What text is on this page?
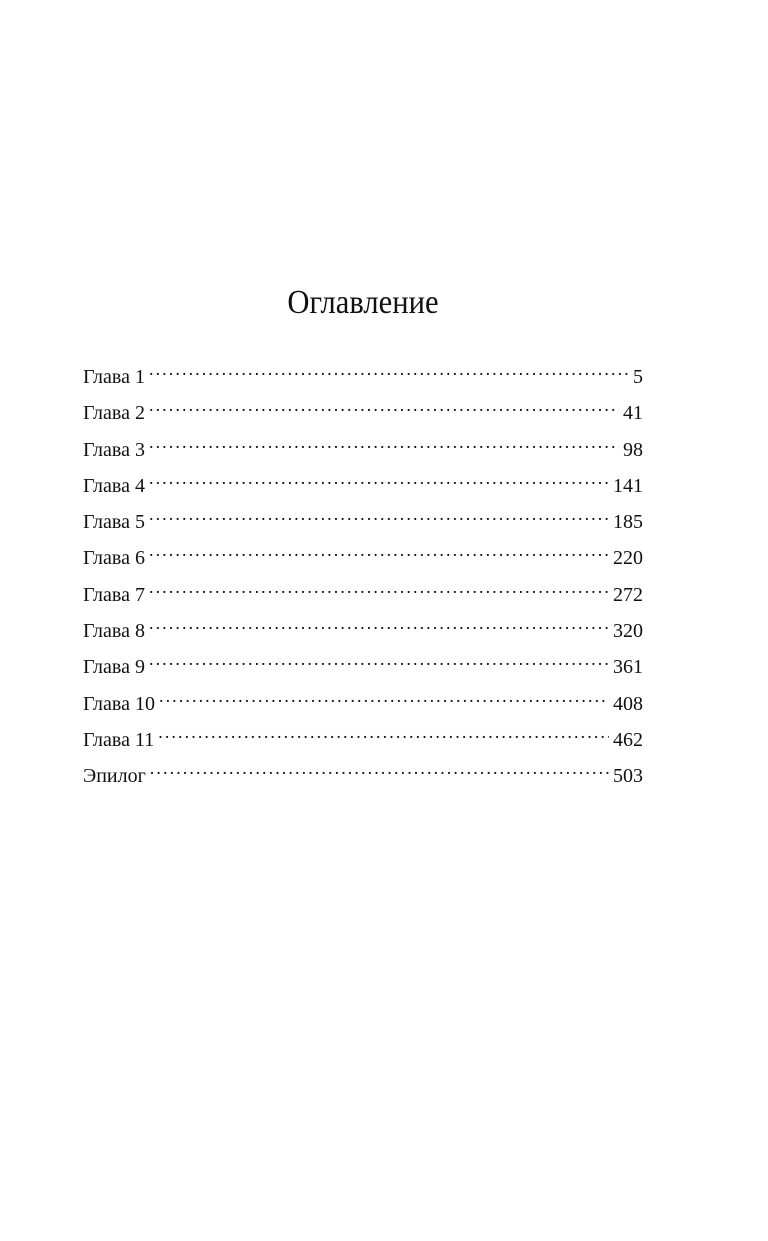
Оглавление
Глава 1 . . .	5
Глава 2 . . .	41
Глава 3 . . .	98
Глава 4 . . .	141
Глава 5 . . .	185
Глава 6 . . .	220
Глава 7 . . .	272
Глава 8 . . .	320
Глава 9 . . .	361
Глава 10 . . .	408
Глава 11 . . .	462
Эпилог . . .	503
